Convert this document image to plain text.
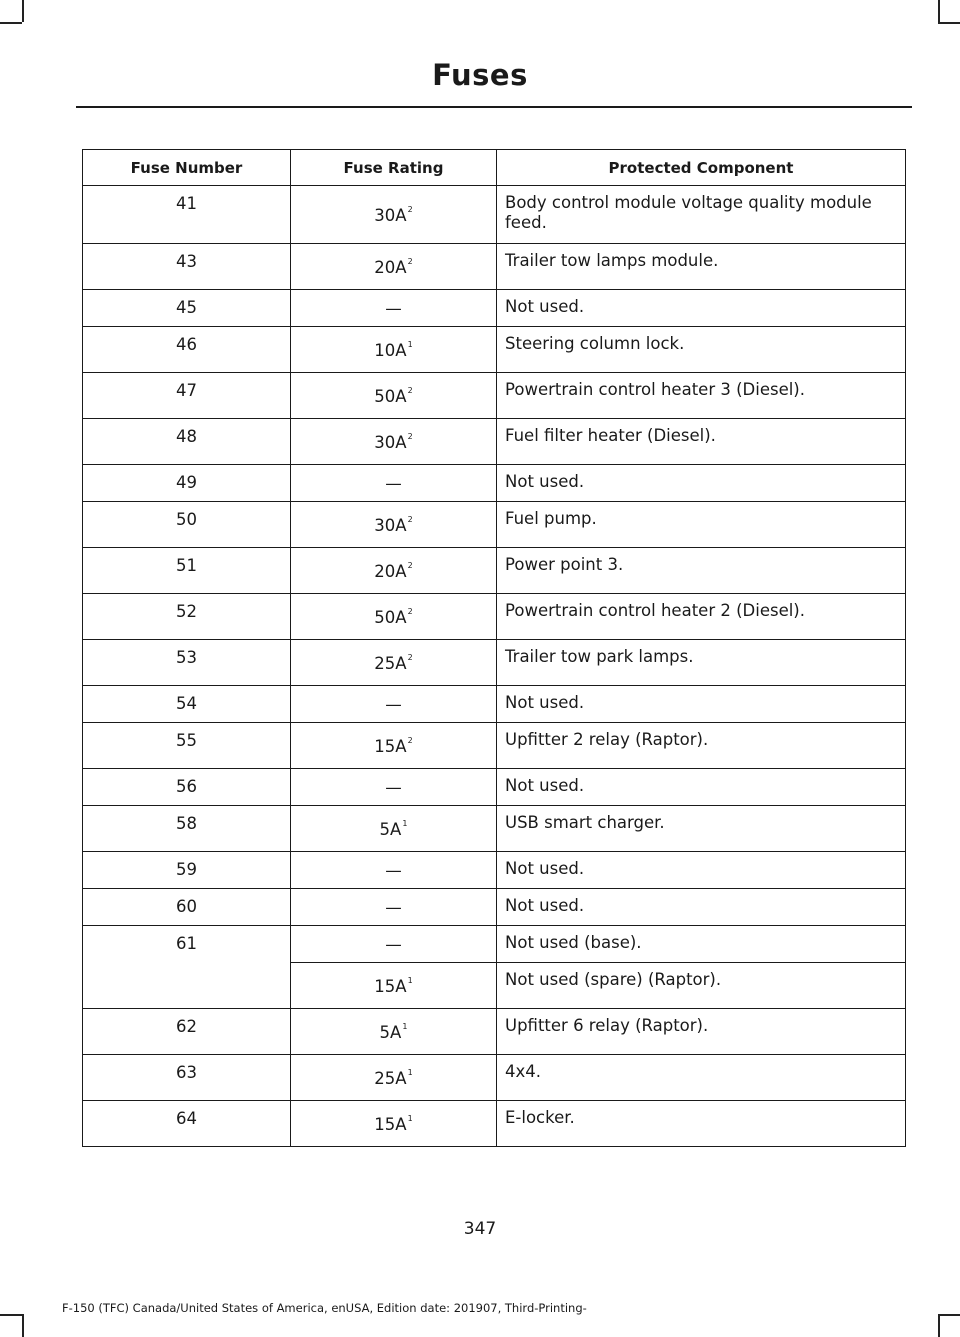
Fuses
Fuse Number	Fuse Rating	Protected Component
41	$30A^2$	Body control module voltage quality module feed.
43	$20A^2$	Trailer tow lamps module.
45	—	Not used.
46	$10A^1$	Steering column lock.
47	$50A^2$	Powertrain control heater 3 (Diesel).
48	$30A^2$	Fuel filter heater (Diesel).
49	—	Not used.
50	$30A^2$	Fuel pump.
51	$20A^2$	Power point 3.
52	$50A^2$	Powertrain control heater 2 (Diesel).
53	$25A^2$	Trailer tow park lamps.
54	—	Not used.
55	$15A^2$	Upfitter 2 relay (Raptor).
56	—	Not used.
58	$5A^1$	USB smart charger.
59	—	Not used.
60	—	Not used.
61	—	Not used (base).
	$15A^1$	Not used (spare) (Raptor).
62	$5A^1$	Upfitter 6 relay (Raptor).
63	$25A^1$	4x4.
64	$15A^1$	E-locker.
347
F-150 (TFC) Canada/United States of America, enUSA, Edition date: 201907, Third-Printing-
